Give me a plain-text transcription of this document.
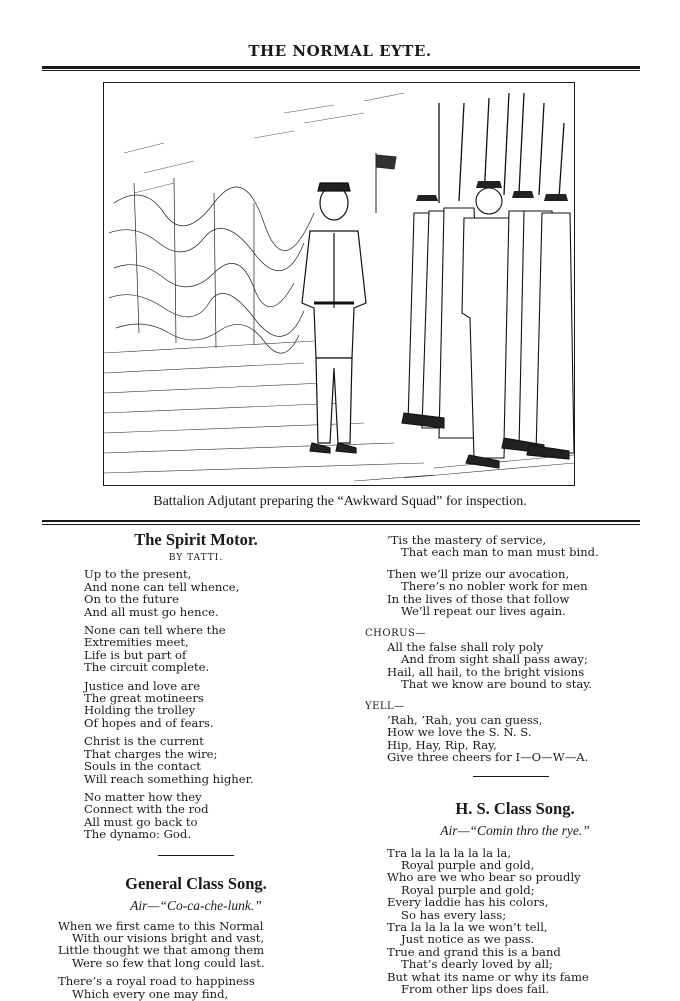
THE NORMAL EYTE.
Battalion Adjutant preparing the “Awkward Squad” for inspection.
The Spirit Motor.
BY TATTI.
Up to the present,
And none can tell whence,
On to the future
And all must go hence.
None can tell where the
Extremities meet,
Life is but part of
The circuit complete.
Justice and love are
The great motineers
Holding the trolley
Of hopes and of fears.
Christ is the current
That charges the wire;
Souls in the contact
Will reach something higher.
No matter how they
Connect with the rod
All must go back to
The dynamo: God.
General Class Song.
Air—“Co-ca-che-lunk.”
When we first came to this Normal
With our visions bright and vast,
Little thought we that among them
Were so few that long could last.
There’s a royal road to happiness
Which every one may find,
’Tis the mastery of service,
That each man to man must bind.
Then we’ll prize our avocation,
There’s no nobler work for men
In the lives of those that follow
We’ll repeat our lives again.
CHORUS—
All the false shall roly poly
And from sight shall pass away;
Hail, all hail, to the bright visions
That we know are bound to stay.
YELL—
’Rah, ’Rah, you can guess,
How we love the S. N. S.
Hip, Hay, Rip, Ray,
Give three cheers for I—O—W—A.
H. S. Class Song.
Air—“Comin thro the rye.”
Tra la la la la la la la,
Royal purple and gold,
Who are we who bear so proudly
Royal purple and gold;
Every laddie has his colors,
So has every lass;
Tra la la la la we won’t tell,
Just notice as we pass.
True and grand this is a band
That’s dearly loved by all;
But what its name or why its fame
From other lips does fail.
